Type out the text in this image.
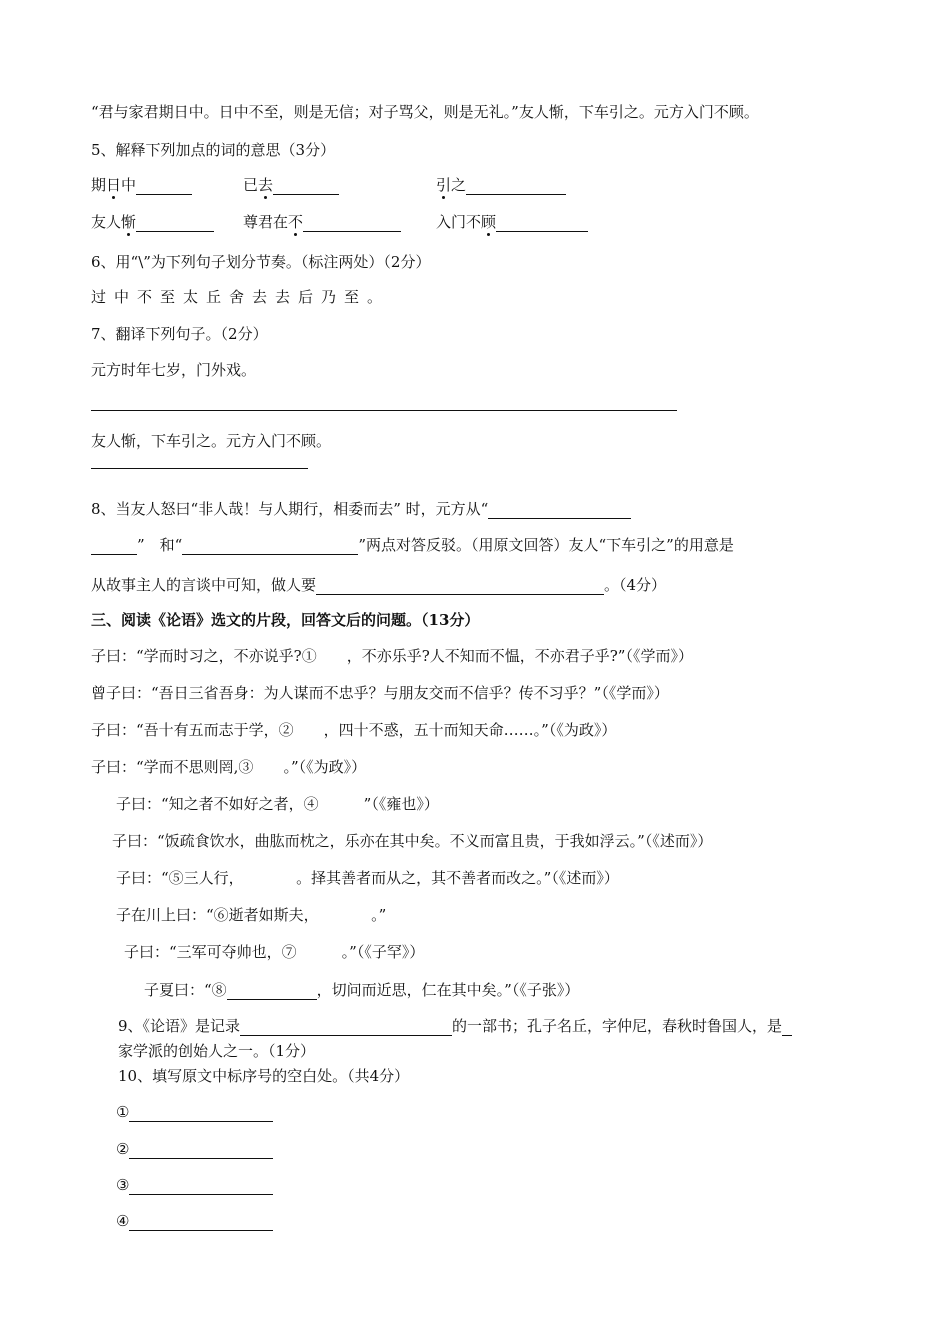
“君与家君期日中。日中不至，则是无信；对子骂父，则是无礼。”友人惭，下车引之。元方入门不顾。
5、解释下列加点的词的意思（3分）
期日中	已去	引之
友人惭	尊君在不	入门不顾
6、用“\”为下列句子划分节奏。（标注两处）（2分）
过中不至太丘舍去去后乃至。
7、翻译下列句子。（2分）
元方时年七岁，门外戏。
友人惭，下车引之。元方入门不顾。
8、当友人怒曰“非人哉！与人期行，相委而去” 时，元方从“
”　和“	”两点对答反驳。（用原文回答）友人“下车引之”的用意是
从故事主人的言谈中可知，做人要	。（4分）
三、阅读《论语》选文的片段，回答文后的问题。（13分）
子曰：“学而时习之，不亦说乎?①　　，不亦乐乎?人不知而不愠，不亦君子乎?”（《学而》）
曾子曰：“吾日三省吾身：为人谋而不忠乎？与朋友交而不信乎？传不习乎？”（《学而》）
子曰：“吾十有五而志于学，②　　，四十不惑，五十而知天命……。”（《为政》）
子曰：“学而不思则罔,③　　。”（《为政》）
子曰：“知之者不如好之者，④　　　”（《雍也》）
子曰：“饭疏食饮水，曲肱而枕之，乐亦在其中矣。不义而富且贵，于我如浮云。”（《述而》）
子曰：“⑤三人行，　　　　。择其善者而从之，其不善者而改之。”（《述而》）
子在川上曰：“⑥逝者如斯夫，　　　　。”
子曰：“三军可夺帅也，⑦　　　。”（《子罕》）
子夏曰：“⑧	，切问而近思，仁在其中矣。”（《子张》）
9、《论语》是记录	的一部书；孔子名丘，字仲尼，春秋时鲁国人，是
家学派的创始人之一。（1分）
10、填写原文中标序号的空白处。（共4分）
①
②
③
④
